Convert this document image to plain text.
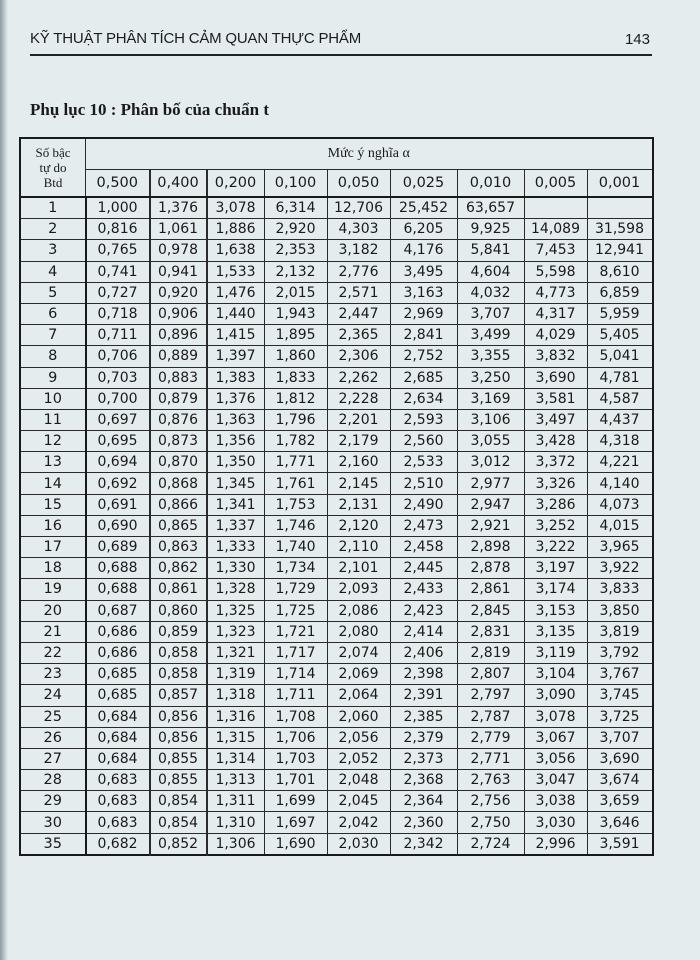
KỸ THUẬT PHÂN TÍCH CẢM QUAN THỰC PHẨM	143
Phụ lục 10 : Phân bố của chuẩn t
Số bậc
tự do
Btd	Mức ý nghĩa α								
	0,500	0,400	0,200	0,100	0,050	0,025	0,010	0,005	0,001
1	1,000	1,376	3,078	6,314	12,706	25,452	63,657		
2	0,816	1,061	1,886	2,920	4,303	6,205	9,925	14,089	31,598
3	0,765	0,978	1,638	2,353	3,182	4,176	5,841	7,453	12,941
4	0,741	0,941	1,533	2,132	2,776	3,495	4,604	5,598	8,610
5	0,727	0,920	1,476	2,015	2,571	3,163	4,032	4,773	6,859
6	0,718	0,906	1,440	1,943	2,447	2,969	3,707	4,317	5,959
7	0,711	0,896	1,415	1,895	2,365	2,841	3,499	4,029	5,405
8	0,706	0,889	1,397	1,860	2,306	2,752	3,355	3,832	5,041
9	0,703	0,883	1,383	1,833	2,262	2,685	3,250	3,690	4,781
10	0,700	0,879	1,376	1,812	2,228	2,634	3,169	3,581	4,587
11	0,697	0,876	1,363	1,796	2,201	2,593	3,106	3,497	4,437
12	0,695	0,873	1,356	1,782	2,179	2,560	3,055	3,428	4,318
13	0,694	0,870	1,350	1,771	2,160	2,533	3,012	3,372	4,221
14	0,692	0,868	1,345	1,761	2,145	2,510	2,977	3,326	4,140
15	0,691	0,866	1,341	1,753	2,131	2,490	2,947	3,286	4,073
16	0,690	0,865	1,337	1,746	2,120	2,473	2,921	3,252	4,015
17	0,689	0,863	1,333	1,740	2,110	2,458	2,898	3,222	3,965
18	0,688	0,862	1,330	1,734	2,101	2,445	2,878	3,197	3,922
19	0,688	0,861	1,328	1,729	2,093	2,433	2,861	3,174	3,833
20	0,687	0,860	1,325	1,725	2,086	2,423	2,845	3,153	3,850
21	0,686	0,859	1,323	1,721	2,080	2,414	2,831	3,135	3,819
22	0,686	0,858	1,321	1,717	2,074	2,406	2,819	3,119	3,792
23	0,685	0,858	1,319	1,714	2,069	2,398	2,807	3,104	3,767
24	0,685	0,857	1,318	1,711	2,064	2,391	2,797	3,090	3,745
25	0,684	0,856	1,316	1,708	2,060	2,385	2,787	3,078	3,725
26	0,684	0,856	1,315	1,706	2,056	2,379	2,779	3,067	3,707
27	0,684	0,855	1,314	1,703	2,052	2,373	2,771	3,056	3,690
28	0,683	0,855	1,313	1,701	2,048	2,368	2,763	3,047	3,674
29	0,683	0,854	1,311	1,699	2,045	2,364	2,756	3,038	3,659
30	0,683	0,854	1,310	1,697	2,042	2,360	2,750	3,030	3,646
35	0,682	0,852	1,306	1,690	2,030	2,342	2,724	2,996	3,591
